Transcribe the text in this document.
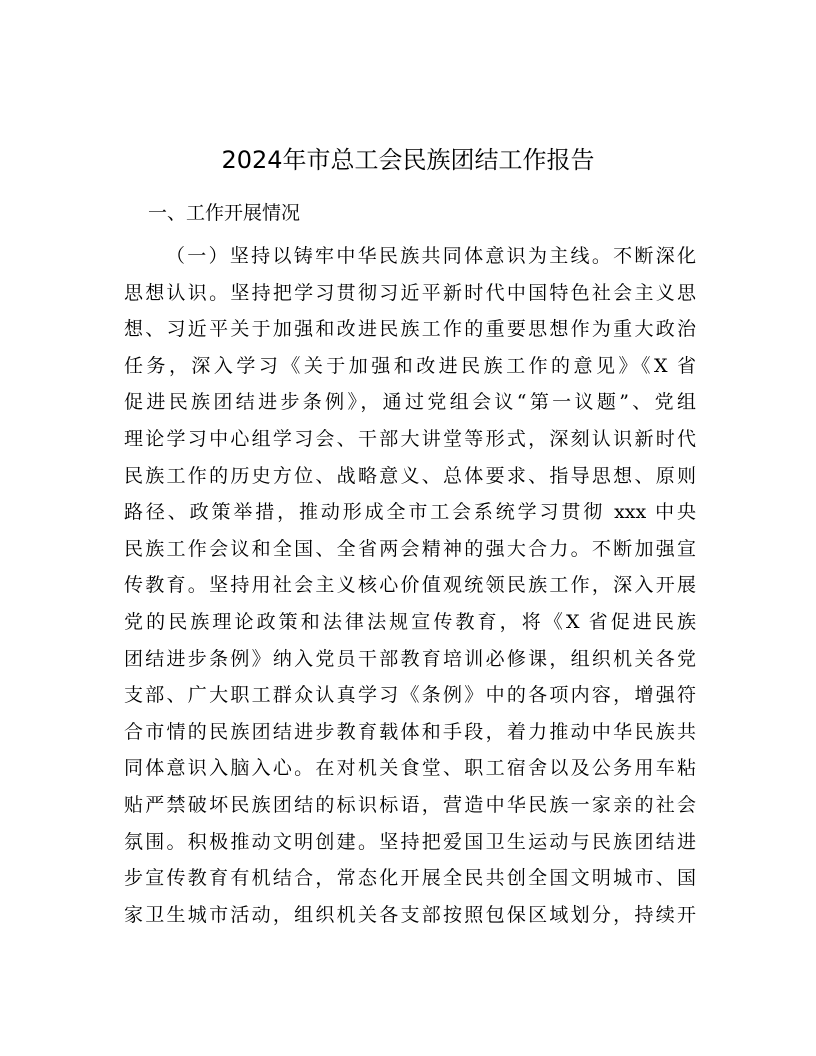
2024年市总工会民族团结工作报告
一、工作开展情况
（一）坚持以铸牢中华民族共同体意识为主线。不断深化
思想认识。坚持把学习贯彻习近平新时代中国特色社会主义思
想、习近平关于加强和改进民族工作的重要思想作为重大政治
任务，深入学习《关于加强和改进民族工作的意见》《X 省
促进民族团结进步条例》，通过党组会议“第一议题”、党组
理论学习中心组学习会、干部大讲堂等形式，深刻认识新时代
民族工作的历史方位、战略意义、总体要求、指导思想、原则
路径、政策举措，推动形成全市工会系统学习贯彻 xxx 中央
民族工作会议和全国、全省两会精神的强大合力。不断加强宣
传教育。坚持用社会主义核心价值观统领民族工作，深入开展
党的民族理论政策和法律法规宣传教育，将《X 省促进民族
团结进步条例》纳入党员干部教育培训必修课，组织机关各党
支部、广大职工群众认真学习《条例》中的各项内容，增强符
合市情的民族团结进步教育载体和手段，着力推动中华民族共
同体意识入脑入心。在对机关食堂、职工宿舍以及公务用车粘
贴严禁破坏民族团结的标识标语，营造中华民族一家亲的社会
氛围。积极推动文明创建。坚持把爱国卫生运动与民族团结进
步宣传教育有机结合，常态化开展全民共创全国文明城市、国
家卫生城市活动，组织机关各支部按照包保区域划分，持续开
